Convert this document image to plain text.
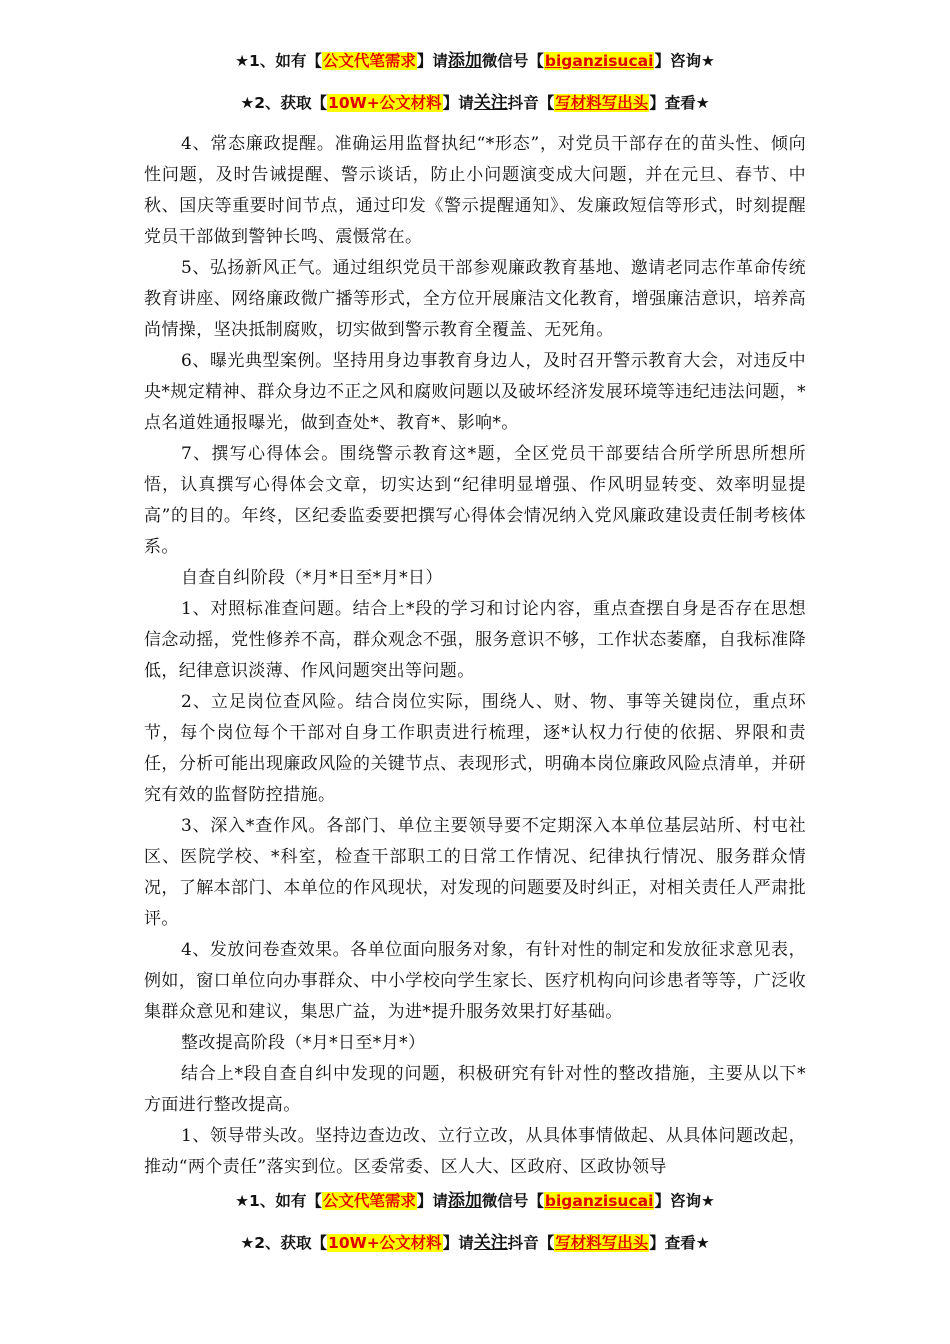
★1、如有【公文代笔需求】请添加微信号【biganzisucai】咨询★
★2、获取【10W+公文材料】请关注抖音【写材料写出头】查看★

4、常态廉政提醒。准确运用监督执纪“*形态”，对党员干部存在的苗头性、倾向性问题，及时告诫提醒、警示谈话，防止小问题演变成大问题，并在元旦、春节、中秋、国庆等重要时间节点，通过印发《警示提醒通知》、发廉政短信等形式，时刻提醒党员干部做到警钟长鸣、震慑常在。

5、弘扬新风正气。通过组织党员干部参观廉政教育基地、邀请老同志作革命传统教育讲座、网络廉政微广播等形式，全方位开展廉洁文化教育，增强廉洁意识，培养高尚情操，坚决抵制腐败，切实做到警示教育全覆盖、无死角。

6、曝光典型案例。坚持用身边事教育身边人，及时召开警示教育大会，对违反中央*规定精神、群众身边不正之风和腐败问题以及破坏经济发展环境等违纪违法问题，*点名道姓通报曝光，做到查处*、教育*、影响*。

7、撰写心得体会。围绕警示教育这*题，全区党员干部要结合所学所思所想所悟，认真撰写心得体会文章，切实达到“纪律明显增强、作风明显转变、效率明显提高”的目的。年终，区纪委监委要把撰写心得体会情况纳入党风廉政建设责任制考核体系。

自查自纠阶段（*月*日至*月*日）

1、对照标准查问题。结合上*段的学习和讨论内容，重点查摆自身是否存在思想信念动摇，党性修养不高，群众观念不强，服务意识不够，工作状态萎靡，自我标准降低，纪律意识淡薄、作风问题突出等问题。

2、立足岗位查风险。结合岗位实际，围绕人、财、物、事等关键岗位，重点环节，每个岗位每个干部对自身工作职责进行梳理，逐*认权力行使的依据、界限和责任，分析可能出现廉政风险的关键节点、表现形式，明确本岗位廉政风险点清单，并研究有效的监督防控措施。

3、深入*查作风。各部门、单位主要领导要不定期深入本单位基层站所、村屯社区、医院学校、*科室，检查干部职工的日常工作情况、纪律执行情况、服务群众情况，了解本部门、本单位的作风现状，对发现的问题要及时纠正，对相关责任人严肃批评。

4、发放问卷查效果。各单位面向服务对象，有针对性的制定和发放征求意见表，例如，窗口单位向办事群众、中小学校向学生家长、医疗机构向问诊患者等等，广泛收集群众意见和建议，集思广益，为进*提升服务效果打好基础。

整改提高阶段（*月*日至*月*）

结合上*段自查自纠中发现的问题，积极研究有针对性的整改措施，主要从以下*方面进行整改提高。

1、领导带头改。坚持边查边改、立行立改，从具体事情做起、从具体问题改起，推动“两个责任”落实到位。区委常委、区人大、区政府、区政协领导

★1、如有【公文代笔需求】请添加微信号【biganzisucai】咨询★
★2、获取【10W+公文材料】请关注抖音【写材料写出头】查看★
